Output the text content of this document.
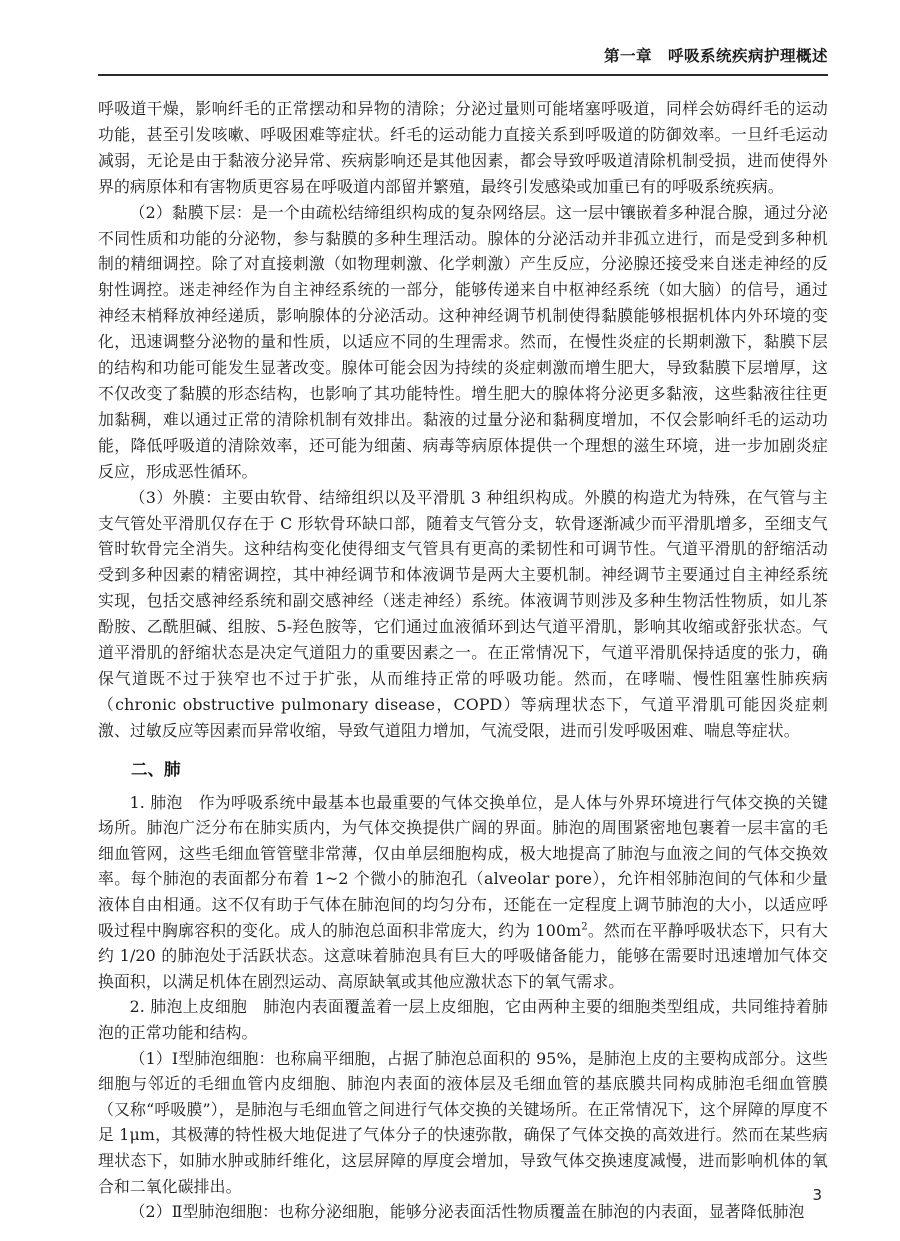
第一章　呼吸系统疾病护理概述

呼吸道干燥，影响纤毛的正常摆动和异物的清除；分泌过量则可能堵塞呼吸道，同样会妨碍纤毛的运动功能，甚至引发咳嗽、呼吸困难等症状。纤毛的运动能力直接关系到呼吸道的防御效率。一旦纤毛运动减弱，无论是由于黏液分泌异常、疾病影响还是其他因素，都会导致呼吸道清除机制受损，进而使得外界的病原体和有害物质更容易在呼吸道内部留并繁殖，最终引发感染或加重已有的呼吸系统疾病。

（2）黏膜下层：是一个由疏松结缔组织构成的复杂网络层。这一层中镶嵌着多种混合腺，通过分泌不同性质和功能的分泌物，参与黏膜的多种生理活动。腺体的分泌活动并非孤立进行，而是受到多种机制的精细调控。除了对直接刺激（如物理刺激、化学刺激）产生反应，分泌腺还接受来自迷走神经的反射性调控。迷走神经作为自主神经系统的一部分，能够传递来自中枢神经系统（如大脑）的信号，通过神经末梢释放神经递质，影响腺体的分泌活动。这种神经调节机制使得黏膜能够根据机体内外环境的变化，迅速调整分泌物的量和性质，以适应不同的生理需求。然而，在慢性炎症的长期刺激下，黏膜下层的结构和功能可能发生显著改变。腺体可能会因为持续的炎症刺激而增生肥大，导致黏膜下层增厚，这不仅改变了黏膜的形态结构，也影响了其功能特性。增生肥大的腺体将分泌更多黏液，这些黏液往往更加黏稠，难以通过正常的清除机制有效排出。黏液的过量分泌和黏稠度增加，不仅会影响纤毛的运动功能，降低呼吸道的清除效率，还可能为细菌、病毒等病原体提供一个理想的滋生环境，进一步加剧炎症反应，形成恶性循环。

（3）外膜：主要由软骨、结缔组织以及平滑肌 3 种组织构成。外膜的构造尤为特殊，在气管与主支气管处平滑肌仅存在于 C 形软骨环缺口部，随着支气管分支，软骨逐渐减少而平滑肌增多，至细支气管时软骨完全消失。这种结构变化使得细支气管具有更高的柔韧性和可调节性。气道平滑肌的舒缩活动受到多种因素的精密调控，其中神经调节和体液调节是两大主要机制。神经调节主要通过自主神经系统实现，包括交感神经系统和副交感神经（迷走神经）系统。体液调节则涉及多种生物活性物质，如儿茶酚胺、乙酰胆碱、组胺、5-羟色胺等，它们通过血液循环到达气道平滑肌，影响其收缩或舒张状态。气道平滑肌的舒缩状态是决定气道阻力的重要因素之一。在正常情况下，气道平滑肌保持适度的张力，确保气道既不过于狭窄也不过于扩张，从而维持正常的呼吸功能。然而，在哮喘、慢性阻塞性肺疾病（chronic obstructive pulmonary disease，COPD）等病理状态下，气道平滑肌可能因炎症刺激、过敏反应等因素而异常收缩，导致气道阻力增加，气流受限，进而引发呼吸困难、喘息等症状。

二、肺

1. 肺泡　作为呼吸系统中最基本也最重要的气体交换单位，是人体与外界环境进行气体交换的关键场所。肺泡广泛分布在肺实质内，为气体交换提供广阔的界面。肺泡的周围紧密地包裹着一层丰富的毛细血管网，这些毛细血管管壁非常薄，仅由单层细胞构成，极大地提高了肺泡与血液之间的气体交换效率。每个肺泡的表面都分布着 1~2 个微小的肺泡孔（alveolar pore），允许相邻肺泡间的气体和少量液体自由相通。这不仅有助于气体在肺泡间的均匀分布，还能在一定程度上调节肺泡的大小，以适应呼吸过程中胸廓容积的变化。成人的肺泡总面积非常庞大，约为 $100m^2$。然而在平静呼吸状态下，只有大约 1/20 的肺泡处于活跃状态。这意味着肺泡具有巨大的呼吸储备能力，能够在需要时迅速增加气体交换面积，以满足机体在剧烈运动、高原缺氧或其他应激状态下的氧气需求。

2. 肺泡上皮细胞　肺泡内表面覆盖着一层上皮细胞，它由两种主要的细胞类型组成，共同维持着肺泡的正常功能和结构。

（1）Ⅰ型肺泡细胞：也称扁平细胞，占据了肺泡总面积的 95%，是肺泡上皮的主要构成部分。这些细胞与邻近的毛细血管内皮细胞、肺泡内表面的液体层及毛细血管的基底膜共同构成肺泡毛细血管膜（又称“呼吸膜”），是肺泡与毛细血管之间进行气体交换的关键场所。在正常情况下，这个屏障的厚度不足 1μm，其极薄的特性极大地促进了气体分子的快速弥散，确保了气体交换的高效进行。然而在某些病理状态下，如肺水肿或肺纤维化，这层屏障的厚度会增加，导致气体交换速度减慢，进而影响机体的氧合和二氧化碳排出。

（2）Ⅱ型肺泡细胞：也称分泌细胞，能够分泌表面活性物质覆盖在肺泡的内表面，显著降低肺泡

3
